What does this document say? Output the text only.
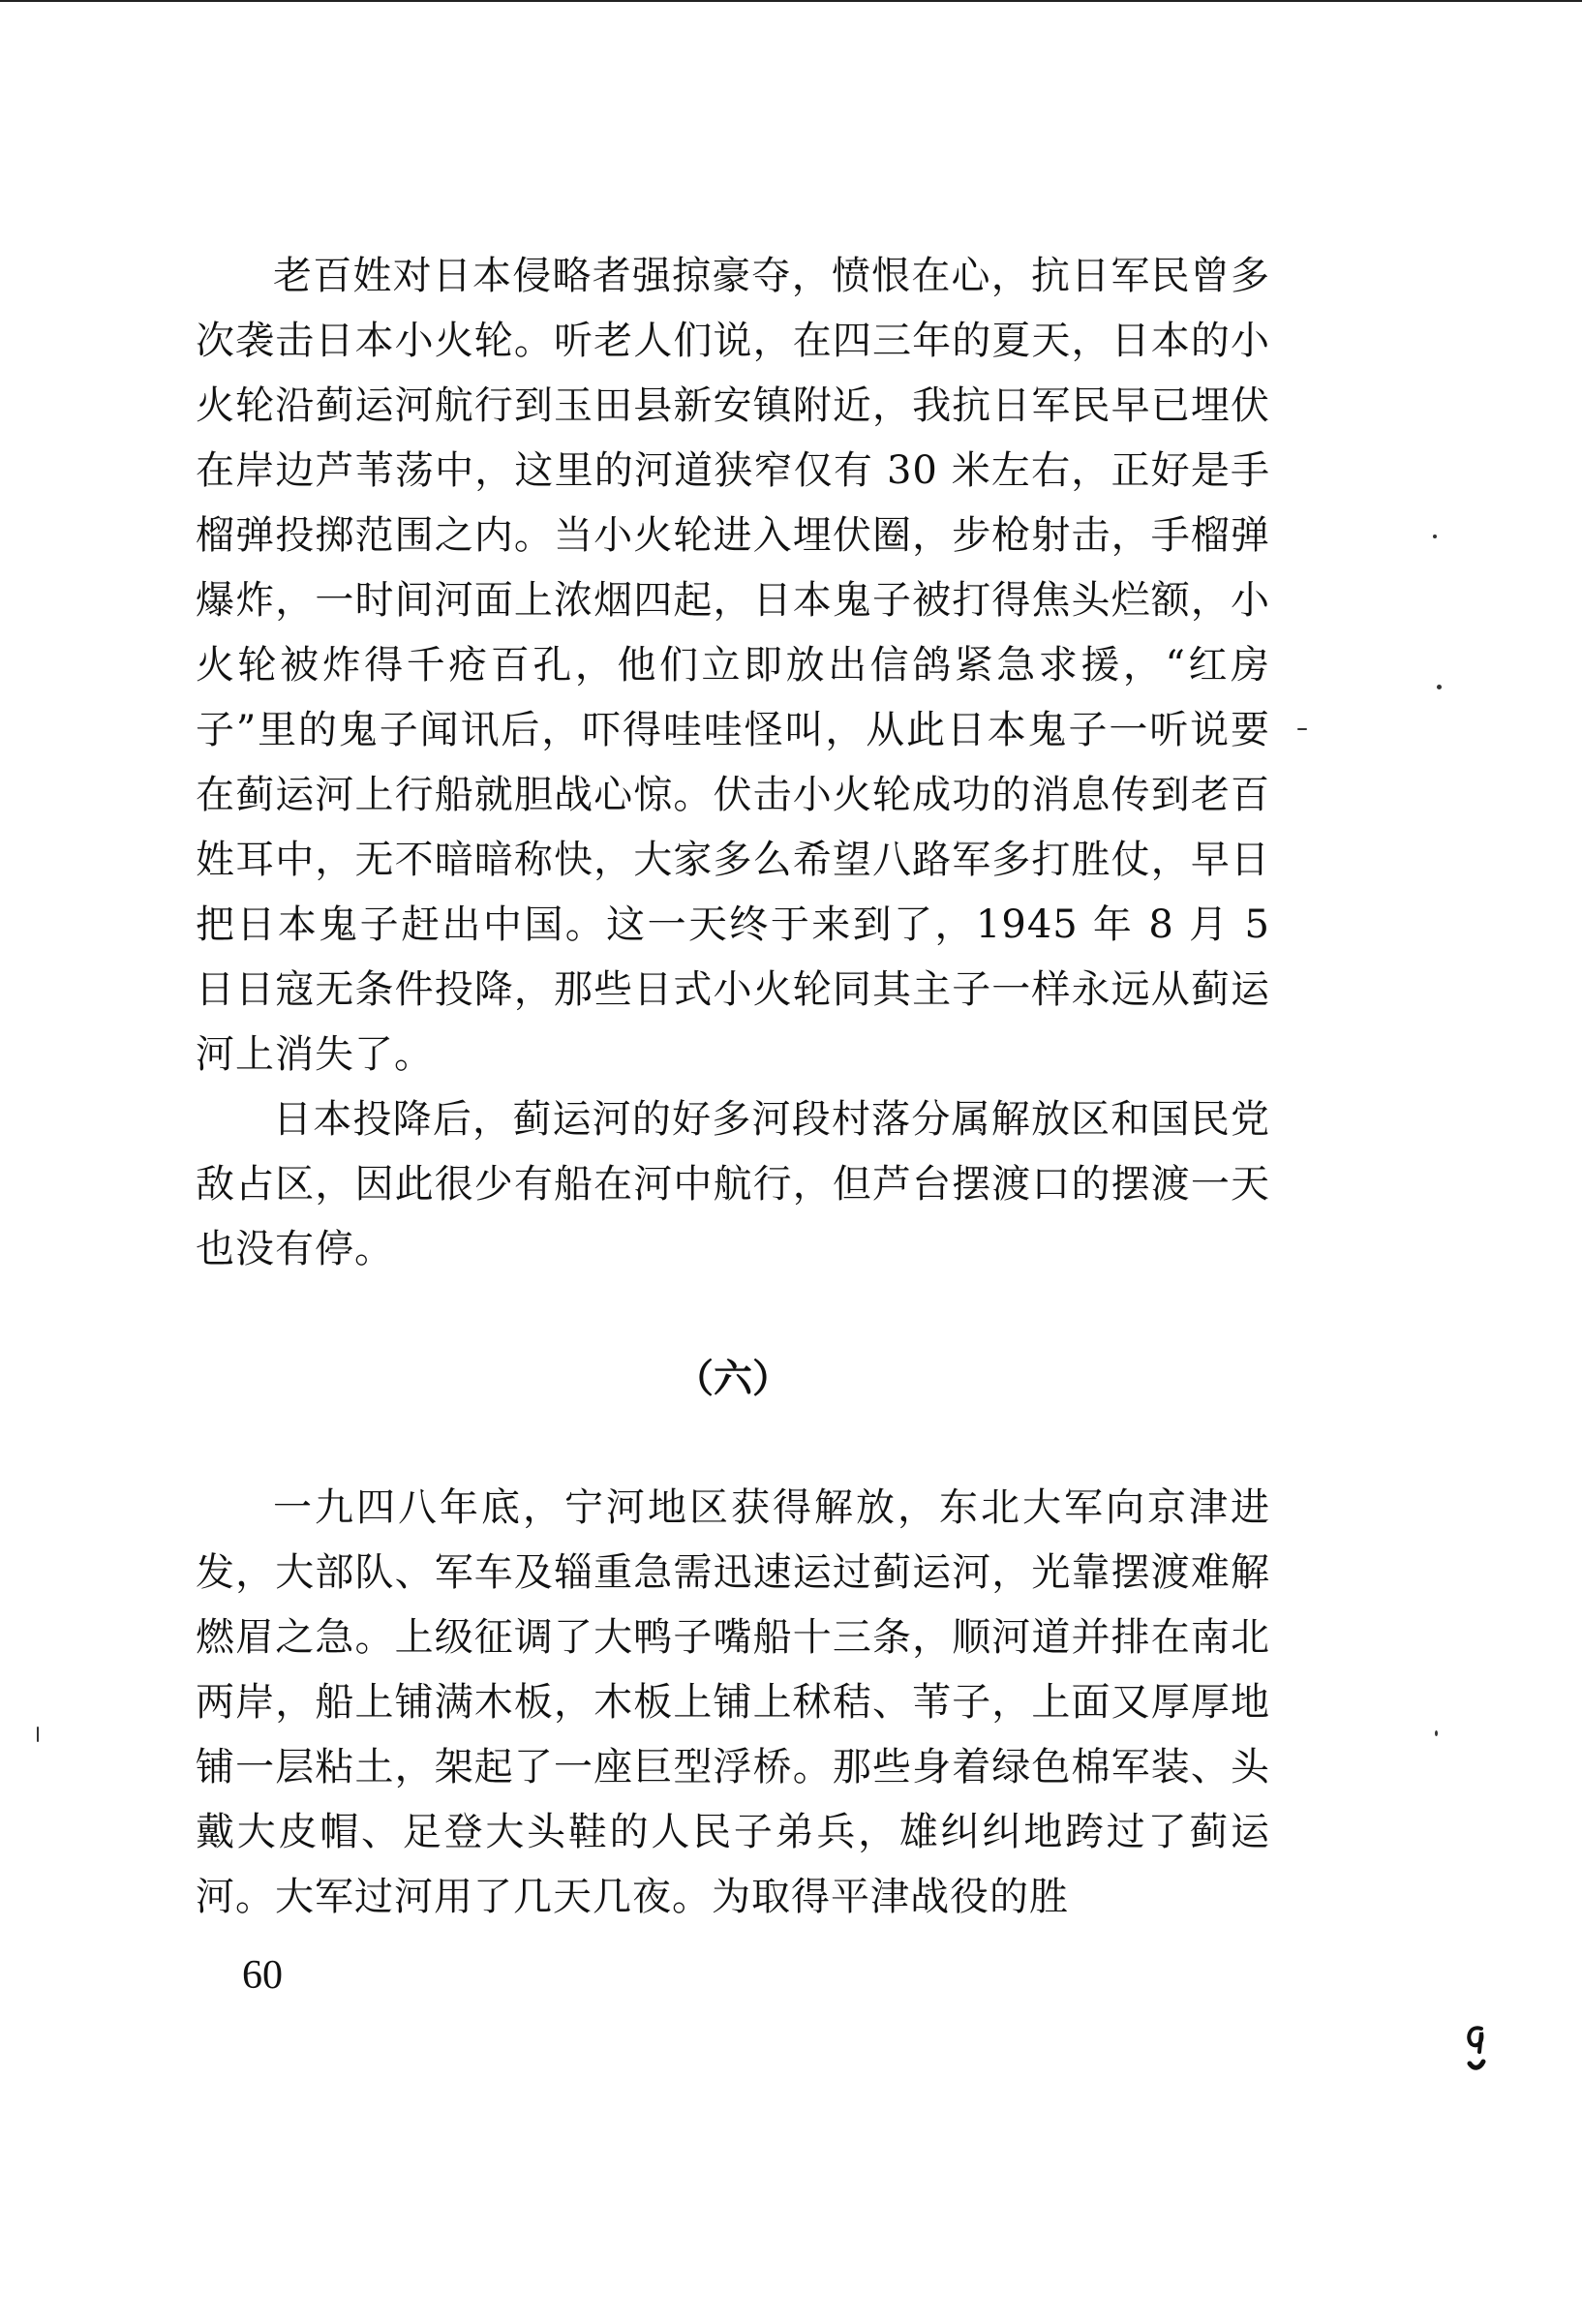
老百姓对日本侵略者强掠豪夺，愤恨在心，抗日军民曾多次袭击日本小火轮。听老人们说，在四三年的夏天，日本的小火轮沿蓟运河航行到玉田县新安镇附近，我抗日军民早已埋伏在岸边芦苇荡中，这里的河道狭窄仅有 30 米左右，正好是手榴弹投掷范围之内。当小火轮进入埋伏圈，步枪射击，手榴弹爆炸，一时间河面上浓烟四起，日本鬼子被打得焦头烂额，小火轮被炸得千疮百孔，他们立即放出信鸽紧急求援，“红房子”里的鬼子闻讯后，吓得哇哇怪叫，从此日本鬼子一听说要在蓟运河上行船就胆战心惊。伏击小火轮成功的消息传到老百姓耳中，无不暗暗称快，大家多么希望八路军多打胜仗，早日把日本鬼子赶出中国。这一天终于来到了，1945 年 8 月 5 日日寇无条件投降，那些日式小火轮同其主子一样永远从蓟运河上消失了。

日本投降后，蓟运河的好多河段村落分属解放区和国民党敌占区，因此很少有船在河中航行，但芦台摆渡口的摆渡一天也没有停。

（六）

一九四八年底，宁河地区获得解放，东北大军向京津进发，大部队、军车及辎重急需迅速运过蓟运河，光靠摆渡难解燃眉之急。上级征调了大鸭子嘴船十三条，顺河道并排在南北两岸，船上铺满木板，木板上铺上秫秸、苇子，上面又厚厚地铺一层粘土，架起了一座巨型浮桥。那些身着绿色棉军装、头戴大皮帽、足登大头鞋的人民子弟兵，雄纠纠地跨过了蓟运河。大军过河用了几天几夜。为取得平津战役的胜

60
